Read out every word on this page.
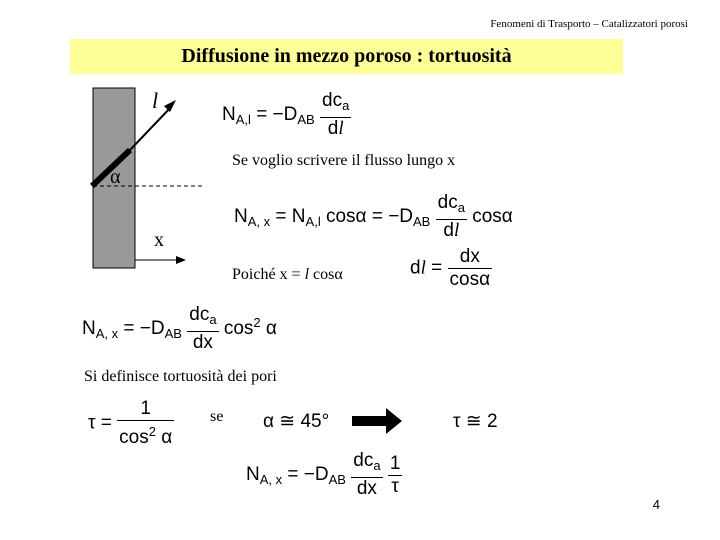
Fenomeni di Trasporto – Catalizzatori porosi
Diffusione in mezzo poroso : tortuosità
l
α
x
$N_{A,l} = -D_{AB} \frac{dc_a}{dl}$
Se voglio scrivere il flusso lungo x
$N_{A, x} = N_{A,l}$ $\cos\alpha = -D_{AB} \frac{dc_a}{dl}$ cosα
Poiché x = l cosα	dl = $\frac{dx}{\cos\alpha}$
$N_{A, x} = -D_{AB} \frac{dc_a}{dx} \cos^2 \alpha$
Si definisce tortuosità dei pori
$\tau = \frac{1}{\cos^2 \alpha}$ se α ≅ 45°	τ ≅ 2
$N_{A, x} = -D_{AB} \frac{dc_a}{dx}$
$\frac{1}{\tau}$
4
